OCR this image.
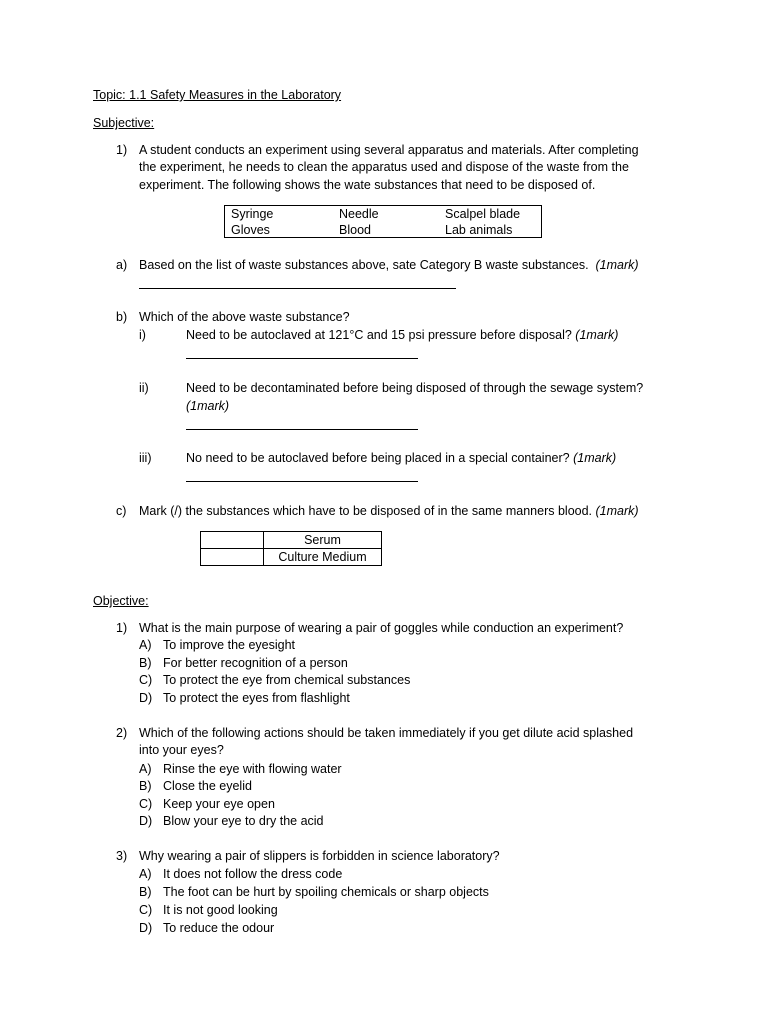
Topic: 1.1 Safety Measures in the Laboratory
Subjective:
1) A student conducts an experiment using several apparatus and materials. After completing
the experiment, he needs to clean the apparatus used and dispose of the waste from the
experiment. The following shows the wate substances that need to be disposed of.
Syringe	Needle	Scalpel blade
Gloves	Blood	Lab animals
a) Based on the list of waste substances above, sate Category B waste substances. (1mark)
b) Which of the above waste substance?
i)	Need to be autoclaved at 121°C and 15 psi pressure before disposal? (1mark)
ii)	Need to be decontaminated before being disposed of through the sewage system?
(1mark)
iii)	No need to be autoclaved before being placed in a special container? (1mark)
c) Mark (/) the substances which have to be disposed of in the same manners blood. (1mark)
	Serum
	Culture Medium
Objective:
1) What is the main purpose of wearing a pair of goggles while conduction an experiment?
A) To improve the eyesight
B) For better recognition of a person
C) To protect the eye from chemical substances
D) To protect the eyes from flashlight
2) Which of the following actions should be taken immediately if you get dilute acid splashed
into your eyes?
A) Rinse the eye with flowing water
B) Close the eyelid
C) Keep your eye open
D) Blow your eye to dry the acid
3) Why wearing a pair of slippers is forbidden in science laboratory?
A) It does not follow the dress code
B) The foot can be hurt by spoiling chemicals or sharp objects
C) It is not good looking
D) To reduce the odour
